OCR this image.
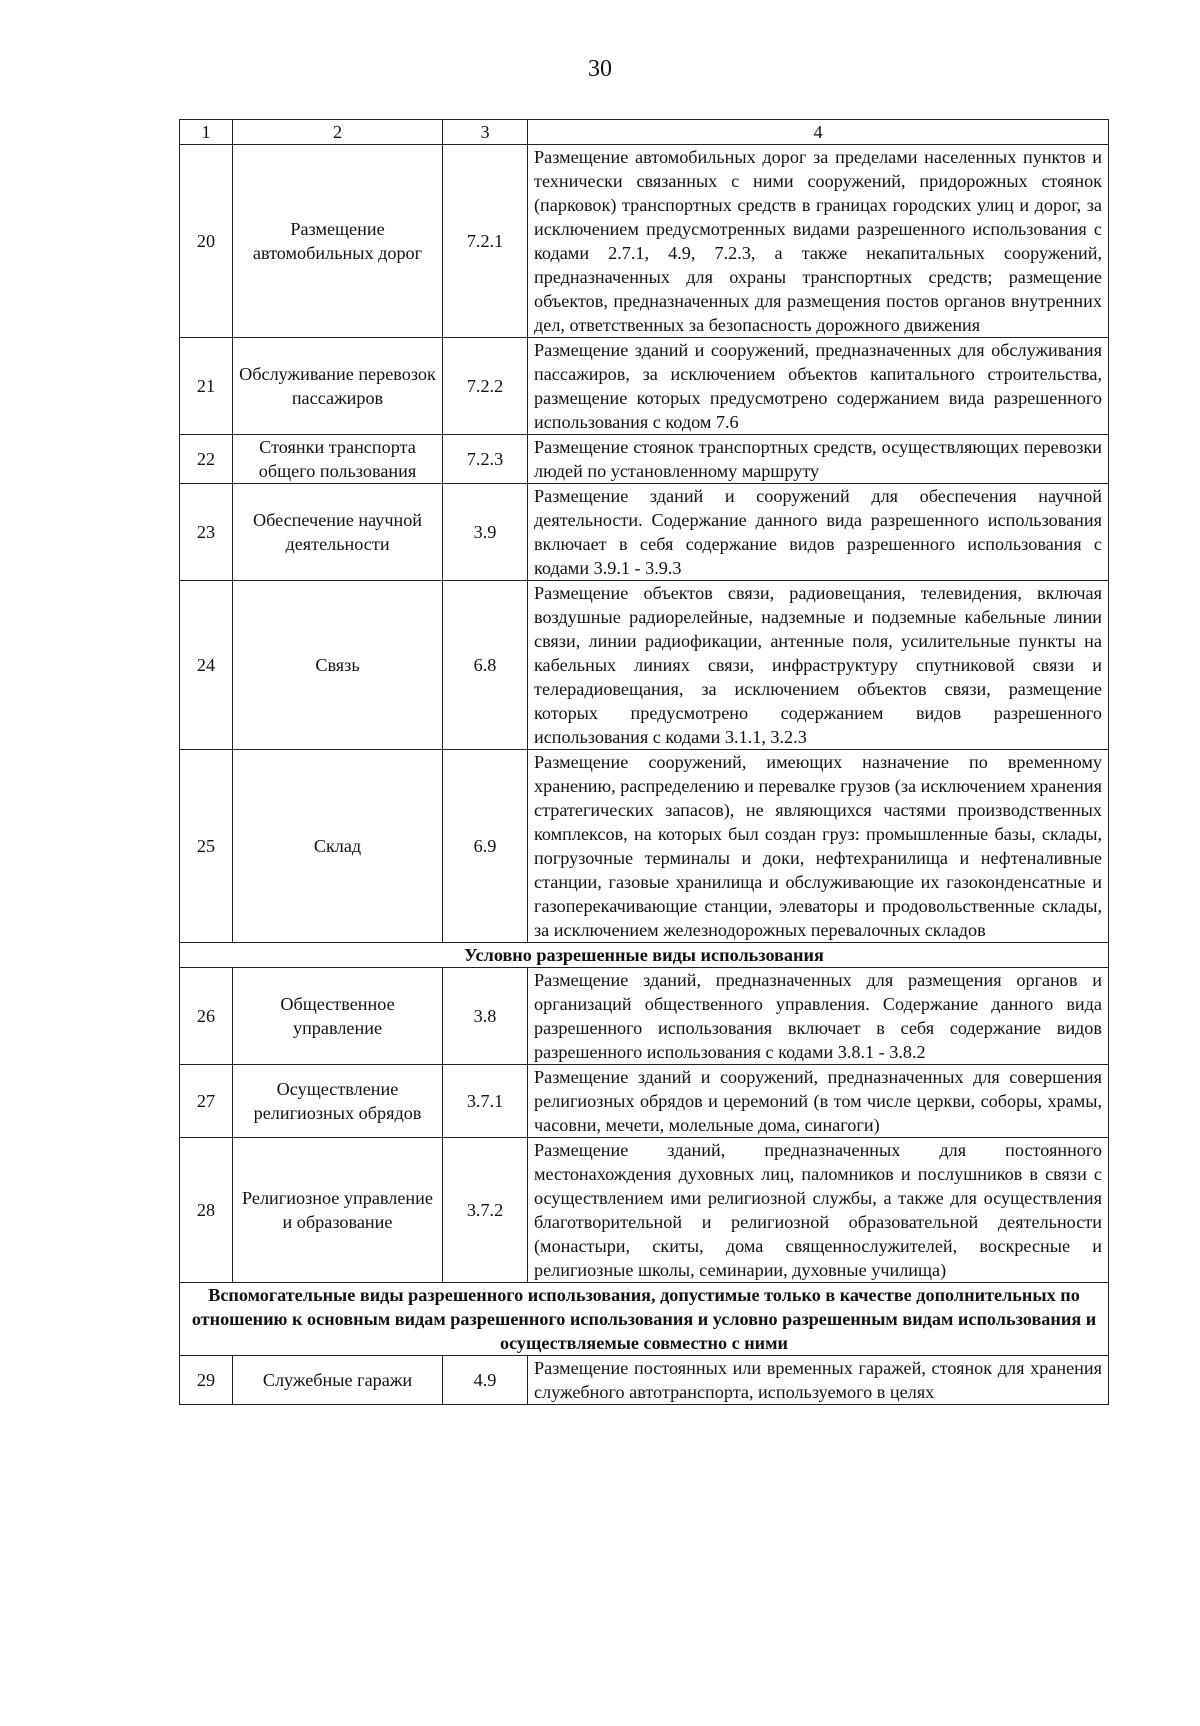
30
1	2	3	4
20	Размещение автомобильных дорог	7.2.1	Размещение автомобильных дорог за пределами населенных пунктов и технически связанных с ними сооружений, придорожных стоянок (парковок) транспортных средств в границах городских улиц и дорог, за исключением предусмотренных видами разрешенного использования с кодами 2.7.1, 4.9, 7.2.3, а также некапитальных сооружений, предназначенных для охраны транспортных средств; размещение объектов, предназначенных для размещения постов органов внутренних дел, ответственных за безопасность дорожного движения
21	Обслуживание перевозок пассажиров	7.2.2	Размещение зданий и сооружений, предназначенных для обслуживания пассажиров, за исключением объектов капитального строительства, размещение которых предусмотрено содержанием вида разрешенного использования с кодом 7.6
22	Стоянки транспорта общего пользования	7.2.3	Размещение стоянок транспортных средств, осуществляющих перевозки людей по установленному маршруту
23	Обеспечение научной деятельности	3.9	Размещение зданий и сооружений для обеспечения научной деятельности. Содержание данного вида разрешенного использования включает в себя содержание видов разрешенного использования с кодами 3.9.1 - 3.9.3
24	Связь	6.8	Размещение объектов связи, радиовещания, телевидения, включая воздушные радиорелейные, надземные и подземные кабельные линии связи, линии радиофикации, антенные поля, усилительные пункты на кабельных линиях связи, инфраструктуру спутниковой связи и телерадиовещания, за исключением объектов связи, размещение которых предусмотрено содержанием видов разрешенного использования с кодами 3.1.1, 3.2.3
25	Склад	6.9	Размещение сооружений, имеющих назначение по временному хранению, распределению и перевалке грузов (за исключением хранения стратегических запасов), не являющихся частями производственных комплексов, на которых был создан груз: промышленные базы, склады, погрузочные терминалы и доки, нефтехранилища и нефтеналивные станции, газовые хранилища и обслуживающие их газоконденсатные и газоперекачивающие станции, элеваторы и продовольственные склады, за исключением железнодорожных перевалочных складов
Условно разрешенные виды использования			
26	Общественное управление	3.8	Размещение зданий, предназначенных для размещения органов и организаций общественного управления. Содержание данного вида разрешенного использования включает в себя содержание видов разрешенного использования с кодами 3.8.1 - 3.8.2
27	Осуществление религиозных обрядов	3.7.1	Размещение зданий и сооружений, предназначенных для совершения религиозных обрядов и церемоний (в том числе церкви, соборы, храмы, часовни, мечети, молельные дома, синагоги)
28	Религиозное управление и образование	3.7.2	Размещение зданий, предназначенных для постоянного местонахождения духовных лиц, паломников и послушников в связи с осуществлением ими религиозной службы, а также для осуществления благотворительной и религиозной образовательной деятельности (монастыри, скиты, дома священнослужителей, воскресные и религиозные школы, семинарии, духовные училища)
Вспомогательные виды разрешенного использования, допустимые только в качестве дополнительных по отношению к основным видам разрешенного использования и условно разрешенным видам использования и осуществляемые совместно с ними			
29	Служебные гаражи	4.9	Размещение постоянных или временных гаражей, стоянок для хранения служебного автотранспорта, используемого в целях
